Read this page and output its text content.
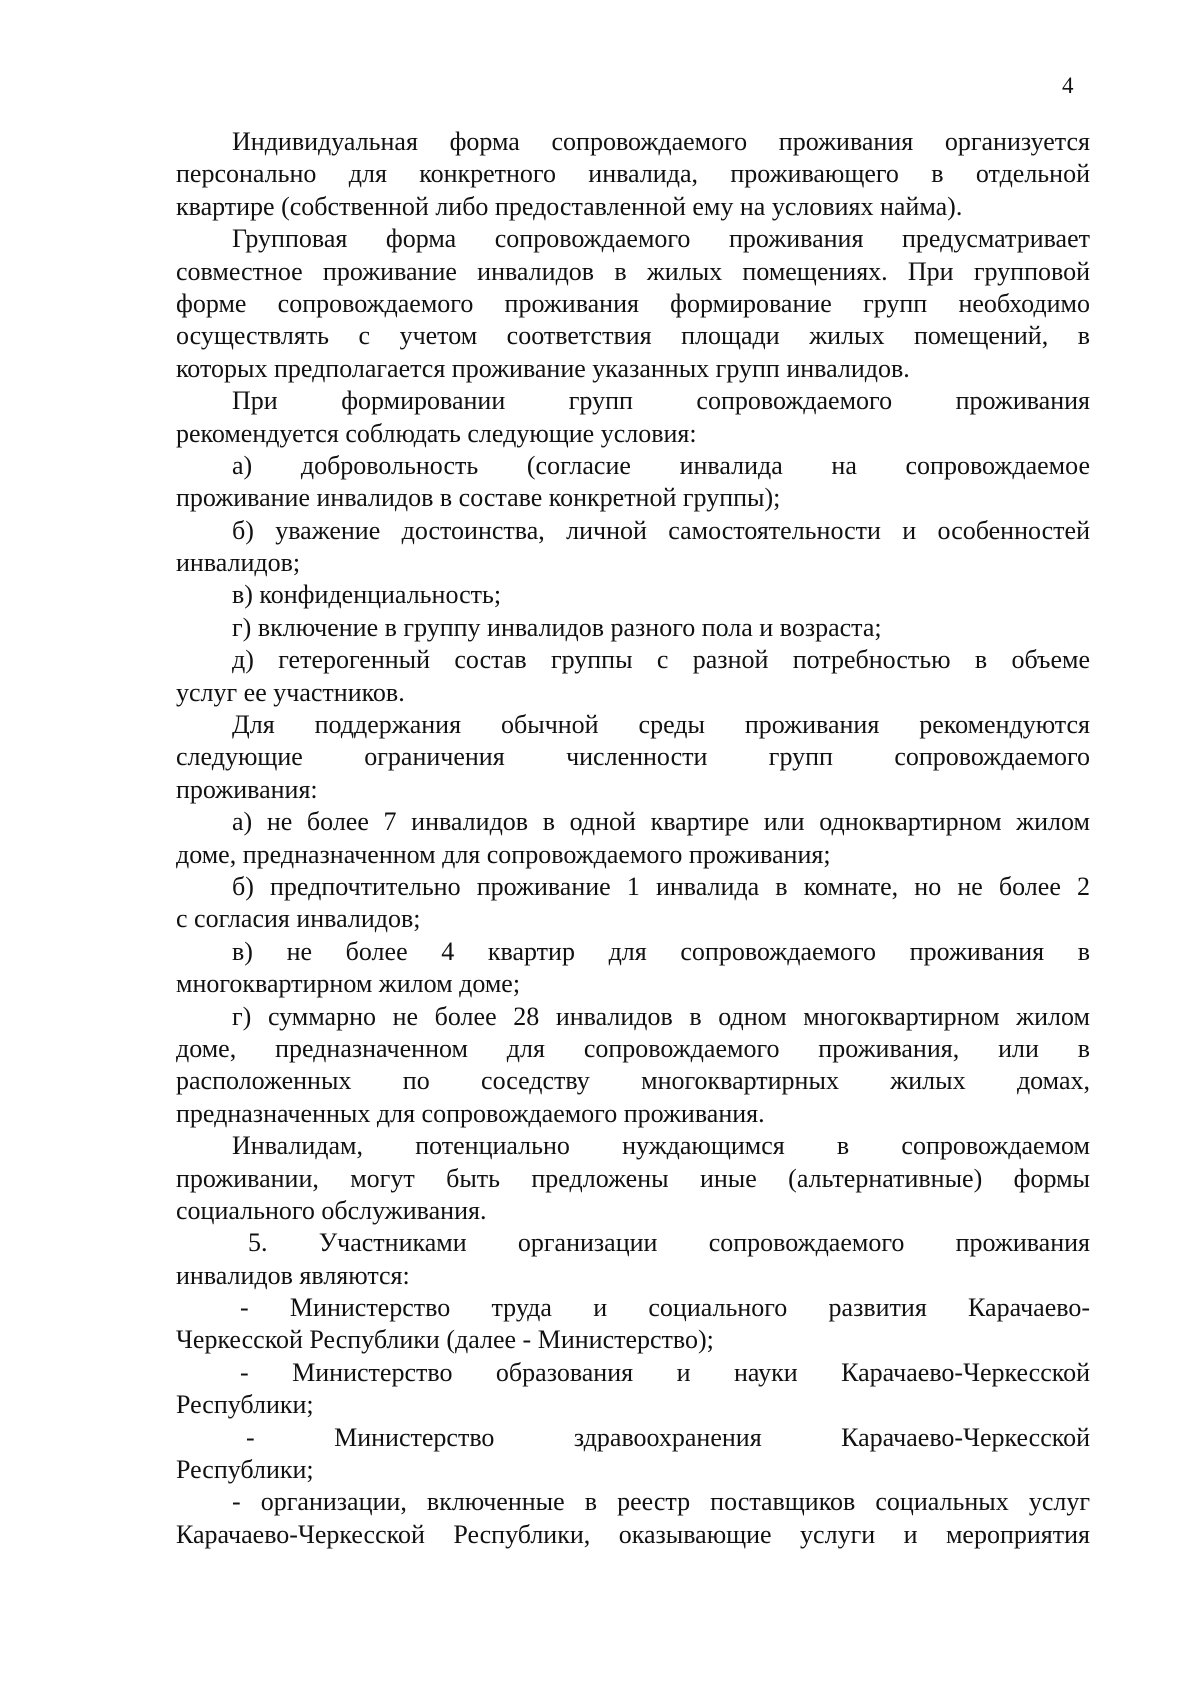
4
Индивидуальная форма сопровождаемого проживания организуется
персонально для конкретного инвалида, проживающего в отдельной
квартире (собственной либо предоставленной ему на условиях найма).
Групповая форма сопровождаемого проживания предусматривает
совместное проживание инвалидов в жилых помещениях. При групповой
форме сопровождаемого проживания формирование групп необходимо
осуществлять с учетом соответствия площади жилых помещений, в
которых предполагается проживание указанных групп инвалидов.
При формировании групп сопровождаемого проживания
рекомендуется соблюдать следующие условия:
а) добровольность (согласие инвалида на сопровождаемое
проживание инвалидов в составе конкретной группы);
б) уважение достоинства, личной самостоятельности и особенностей
инвалидов;
в) конфиденциальность;
г) включение в группу инвалидов разного пола и возраста;
д) гетерогенный состав группы с разной потребностью в объеме
услуг ее участников.
Для поддержания обычной среды проживания рекомендуются
следующие ограничения численности групп сопровождаемого
проживания:
а) не более 7 инвалидов в одной квартире или одноквартирном жилом
доме, предназначенном для сопровождаемого проживания;
б) предпочтительно проживание 1 инвалида в комнате, но не более 2
с согласия инвалидов;
в) не более 4 квартир для сопровождаемого проживания в
многоквартирном жилом доме;
г) суммарно не более 28 инвалидов в одном многоквартирном жилом
доме, предназначенном для сопровождаемого проживания, или в
расположенных по соседству многоквартирных жилых домах,
предназначенных для сопровождаемого проживания.
Инвалидам, потенциально нуждающимся в сопровождаемом
проживании, могут быть предложены иные (альтернативные) формы
социального обслуживания.
5. Участниками организации сопровождаемого проживания
инвалидов являются:
- Министерство труда и социального развития Карачаево-
Черкесской Республики (далее - Министерство);
- Министерство образования и науки Карачаево-Черкесской
Республики;
- Министерство здравоохранения Карачаево-Черкесской
Республики;
- организации, включенные в реестр поставщиков социальных услуг
Карачаево-Черкесской Республики, оказывающие услуги и мероприятия
